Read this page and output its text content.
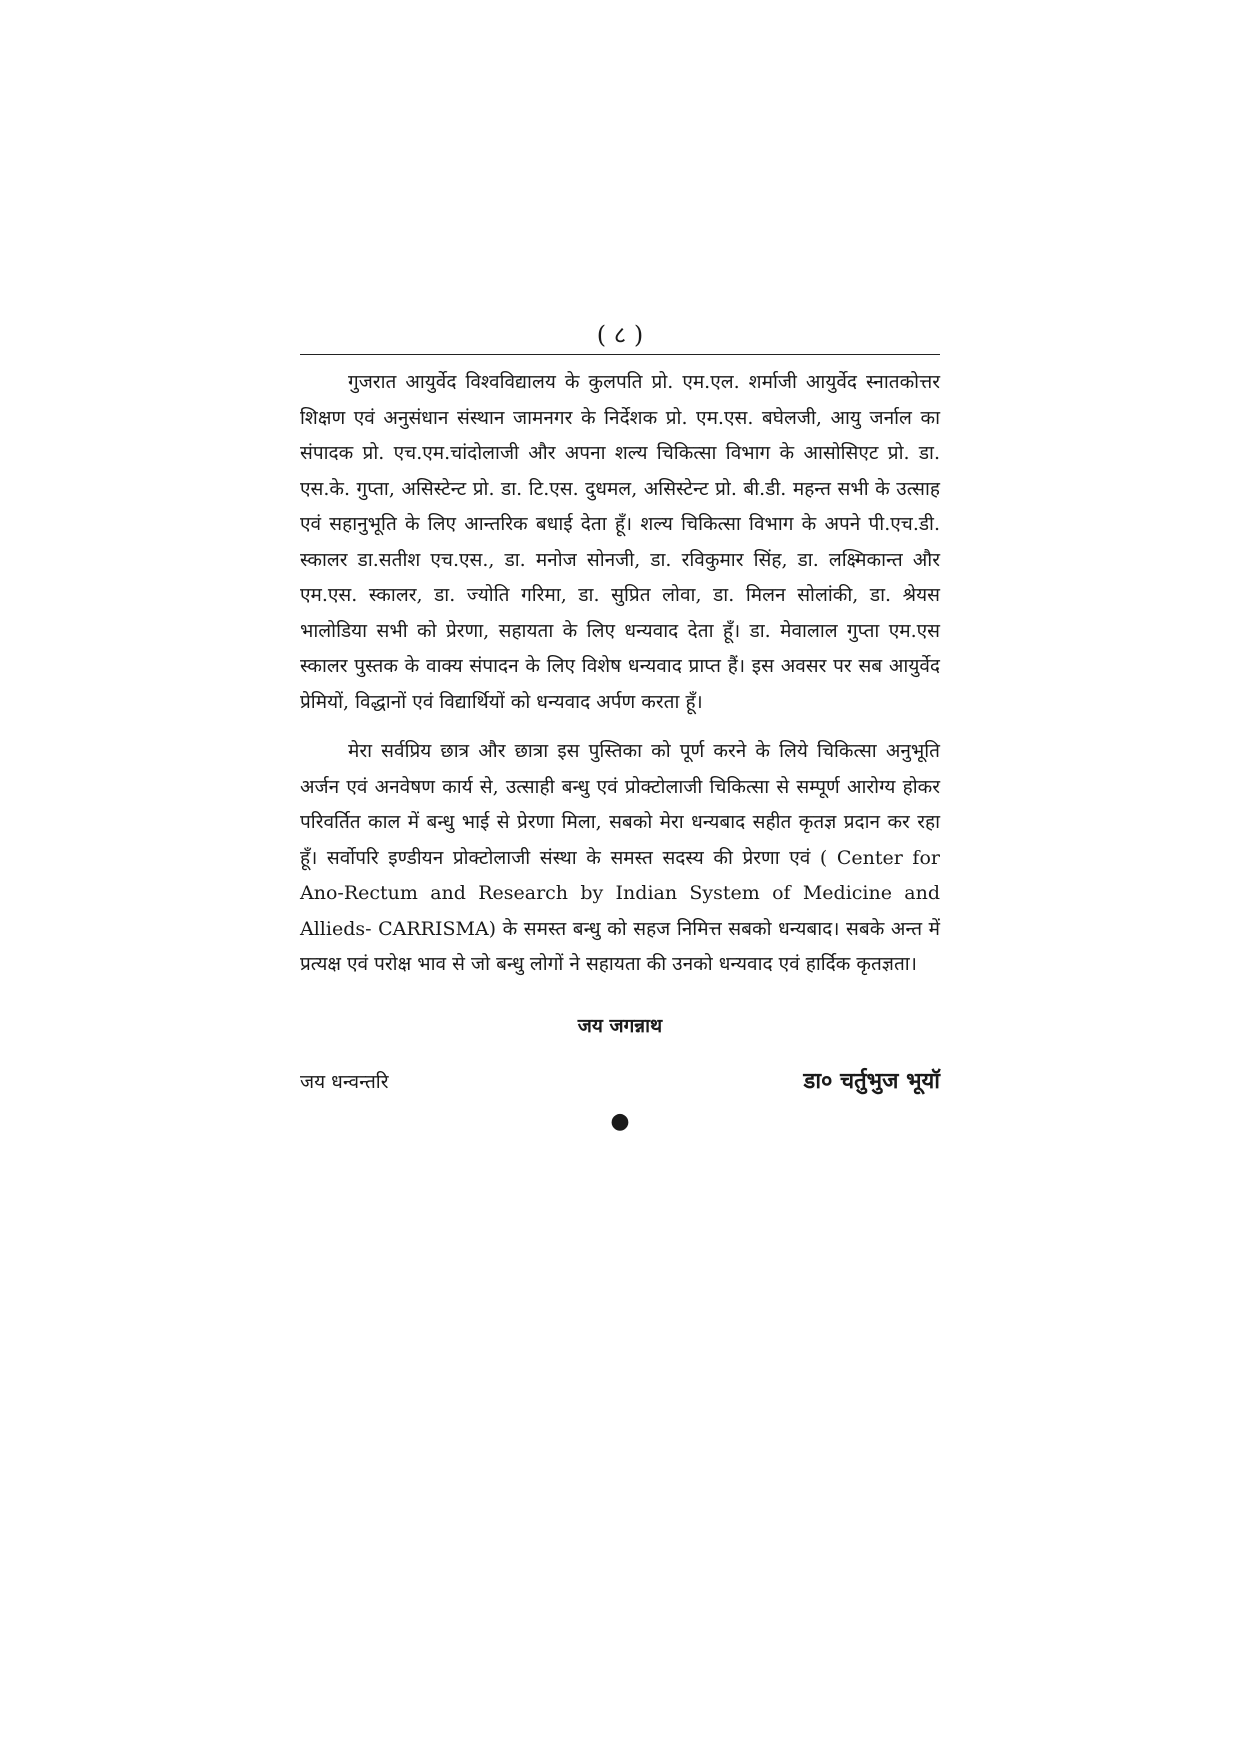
( ८ )

गुजरात आयुर्वेद विश्वविद्यालय के कुलपति प्रो. एम.एल. शर्माजी आयुर्वेद स्नातकोत्तर शिक्षण एवं अनुसंधान संस्थान जामनगर के निर्देशक प्रो. एम.एस. बघेलजी, आयु जर्नाल का संपादक प्रो. एच.एम.चांदोलाजी और अपना शल्य चिकित्सा विभाग के आसोसिएट प्रो. डा. एस.के. गुप्ता, असिस्टेन्ट प्रो. डा. टि.एस. दुधमल, असिस्टेन्ट प्रो. बी.डी. महन्त सभी के उत्साह एवं सहानुभूति के लिए आन्तरिक बधाई देता हूँ। शल्य चिकित्सा विभाग के अपने पी.एच.डी. स्कालर डा.सतीश एच.एस., डा. मनोज सोनजी, डा. रविकुमार सिंह, डा. लक्ष्मिकान्त और एम.एस. स्कालर, डा. ज्योति गरिमा, डा. सुप्रित लोवा, डा. मिलन सोलांकी, डा. श्रेयस भालोडिया सभी को प्रेरणा, सहायता के लिए धन्यवाद देता हूँ। डा. मेवालाल गुप्ता एम.एस स्कालर पुस्तक के वाक्य संपादन के लिए विशेष धन्यवाद प्राप्त हैं। इस अवसर पर सब आयुर्वेद प्रेमियों, विद्धानों एवं विद्यार्थियों को धन्यवाद अर्पण करता हूँ।

मेरा सर्वप्रिय छात्र और छात्रा इस पुस्तिका को पूर्ण करने के लिये चिकित्सा अनुभूति अर्जन एवं अनवेषण कार्य से, उत्साही बन्धु एवं प्रोक्टोलाजी चिकित्सा से सम्पूर्ण आरोग्य होकर परिवर्तित काल में बन्धु भाई से प्रेरणा मिला, सबको मेरा धन्यबाद सहीत कृतज्ञ प्रदान कर रहा हूँ। सर्वोपरि इण्डीयन प्रोक्टोलाजी संस्था के समस्त सदस्य की प्रेरणा एवं ( Center for Ano-Rectum and Research by Indian System of Medicine and Allieds- CARRISMA) के समस्त बन्धु को सहज निमित्त सबको धन्यबाद। सबके अन्त में प्रत्यक्ष एवं परोक्ष भाव से जो बन्धु लोगों ने सहायता की उनको धन्यवाद एवं हार्दिक कृतज्ञता।

जय जगन्नाथ
जय धन्वन्तरि	डा० चर्तुभुज भूयॉ
●
